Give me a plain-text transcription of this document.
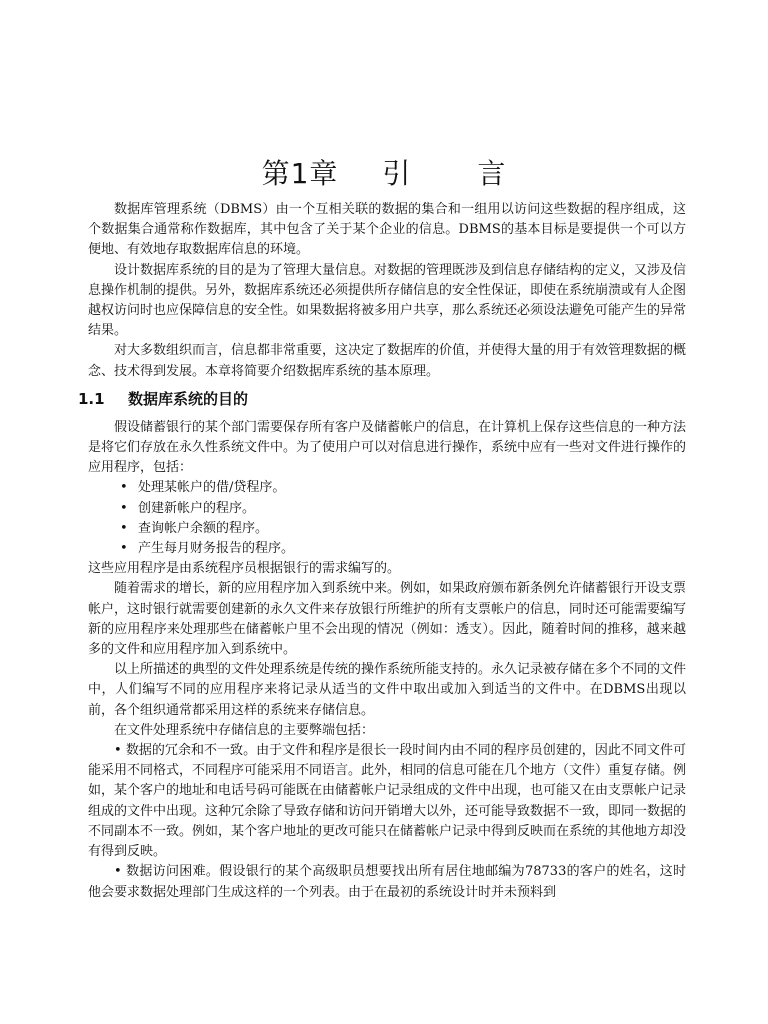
第1章 引 言

数据库管理系统（DBMS）由一个互相关联的数据的集合和一组用以访问这些数据的程序组成，这个数据集合通常称作数据库，其中包含了关于某个企业的信息。DBMS的基本目标是要提供一个可以方便地、有效地存取数据库信息的环境。

设计数据库系统的目的是为了管理大量信息。对数据的管理既涉及到信息存储结构的定义，又涉及信息操作机制的提供。另外，数据库系统还必须提供所存储信息的安全性保证，即使在系统崩溃或有人企图越权访问时也应保障信息的安全性。如果数据将被多用户共享，那么系统还必须设法避免可能产生的异常结果。

对大多数组织而言，信息都非常重要，这决定了数据库的价值，并使得大量的用于有效管理数据的概念、技术得到发展。本章将简要介绍数据库系统的基本原理。

1.1 数据库系统的目的

假设储蓄银行的某个部门需要保存所有客户及储蓄帐户的信息，在计算机上保存这些信息的一种方法是将它们存放在永久性系统文件中。为了使用户可以对信息进行操作，系统中应有一些对文件进行操作的应用程序，包括：

• 处理某帐户的借/贷程序。
• 创建新帐户的程序。
• 查询帐户余额的程序。
• 产生每月财务报告的程序。

这些应用程序是由系统程序员根据银行的需求编写的。

随着需求的增长，新的应用程序加入到系统中来。例如，如果政府颁布新条例允许储蓄银行开设支票帐户，这时银行就需要创建新的永久文件来存放银行所维护的所有支票帐户的信息，同时还可能需要编写新的应用程序来处理那些在储蓄帐户里不会出现的情况（例如：透支）。因此，随着时间的推移，越来越多的文件和应用程序加入到系统中。

以上所描述的典型的文件处理系统是传统的操作系统所能支持的。永久记录被存储在多个不同的文件中，人们编写不同的应用程序来将记录从适当的文件中取出或加入到适当的文件中。在DBMS出现以前，各个组织通常都采用这样的系统来存储信息。

在文件处理系统中存储信息的主要弊端包括：

• 数据的冗余和不一致。由于文件和程序是很长一段时间内由不同的程序员创建的，因此不同文件可能采用不同格式，不同程序可能采用不同语言。此外，相同的信息可能在几个地方（文件）重复存储。例如，某个客户的地址和电话号码可能既在由储蓄帐户记录组成的文件中出现，也可能又在由支票帐户记录组成的文件中出现。这种冗余除了导致存储和访问开销增大以外，还可能导致数据不一致，即同一数据的不同副本不一致。例如，某个客户地址的更改可能只在储蓄帐户记录中得到反映而在系统的其他地方却没有得到反映。

• 数据访问困难。假设银行的某个高级职员想要找出所有居住地邮编为78733的客户的姓名，这时他会要求数据处理部门生成这样的一个列表。由于在最初的系统设计时并未预料到
